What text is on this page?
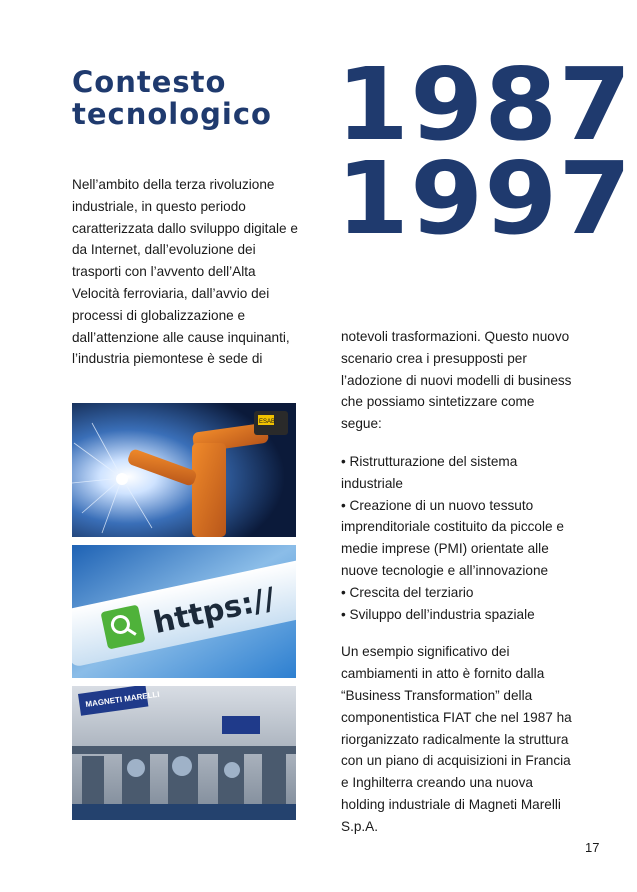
Contesto
tecnologico 1987
1997

Nell’ambito della terza rivoluzione industriale, in questo periodo caratterizzata dallo sviluppo digitale e da Internet, dall’evoluzione dei trasporti con l’avvento dell’Alta Velocità ferroviaria, dall’avvio dei processi di globalizzazione e dall’attenzione alle cause inquinanti, l’industria piemontese è sede di

ESAB
https://
MAGNETI MARELLI

notevoli trasformazioni. Questo nuovo scenario crea i presupposti per l’adozione di nuovi modelli di business che possiamo sintetizzare come segue:

• Ristrutturazione del sistema industriale
• Creazione di un nuovo tessuto imprenditoriale costituito da piccole e medie imprese (PMI) orientate alle nuove tecnologie e all’innovazione
• Crescita del terziario
• Sviluppo dell’industria spaziale

Un esempio significativo dei cambiamenti in atto è fornito dalla “Business Transformation” della componentistica FIAT che nel 1987 ha riorganizzato radicalmente la struttura con un piano di acquisizioni in Francia e Inghilterra creando una nuova holding industriale di Magneti Marelli S.p.A.

17
